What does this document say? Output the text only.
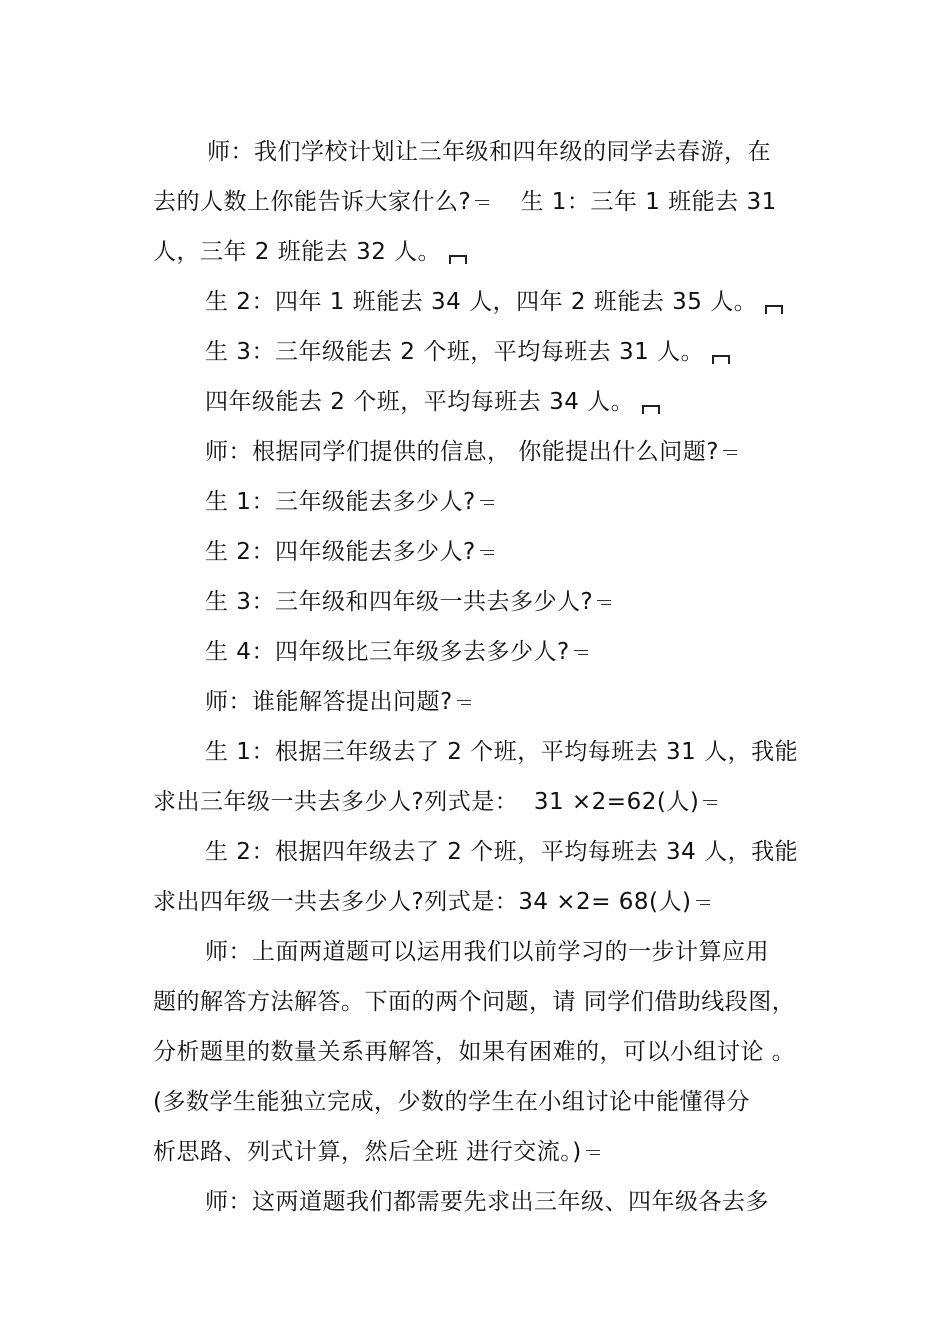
师：我们学校计划让三年级和四年级的同学去春游，在
去的人数上你能告诉大家什么? 生 1：三年 1 班能去 31
人，三年 2 班能去 32 人。
生 2：四年 1 班能去 34 人，四年 2 班能去 35 人。
生 3：三年级能去 2 个班，平均每班去 31 人。
四年级能去 2 个班，平均每班去 34 人。
师：根据同学们提供的信息， 你能提出什么问题?
生 1：三年级能去多少人?
生 2：四年级能去多少人?
生 3：三年级和四年级一共去多少人?
生 4：四年级比三年级多去多少人?
师：谁能解答提出问题?
生 1：根据三年级去了 2 个班，平均每班去 31 人，我能
求出三年级一共去多少人?列式是：  31 ×2=62(人)
生 2：根据四年级去了 2 个班，平均每班去 34 人，我能
求出四年级一共去多少人?列式是：34 ×2= 68(人)
师：上面两道题可以运用我们以前学习的一步计算应用
题的解答方法解答。下面的两个问题，请 同学们借助线段图，
分析题里的数量关系再解答，如果有困难的，可以小组讨论 。
(多数学生能独立完成，少数的学生在小组讨论中能懂得分
析思路、列式计算，然后全班 进行交流。)
师：这两道题我们都需要先求出三年级、四年级各去多
